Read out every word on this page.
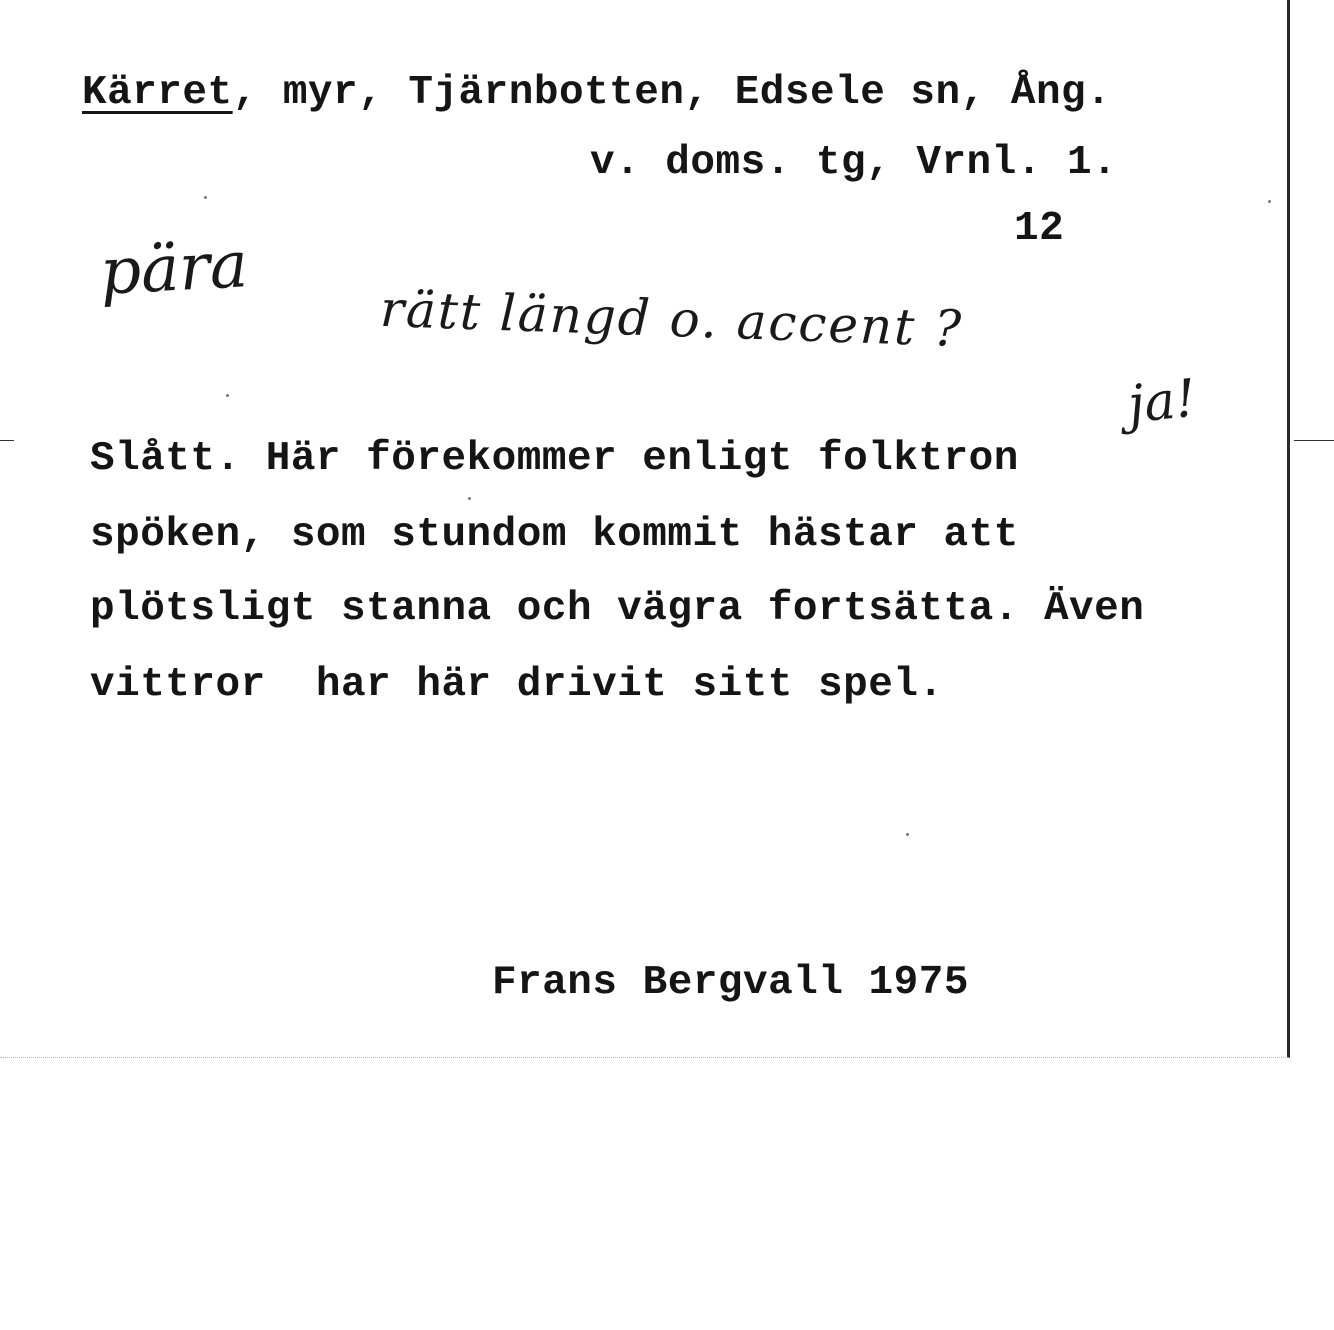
Kärret, myr, Tjärnbotten, Edsele sn, Ång.
v. doms. tg, Vrnl. 1.
12
pära
rätt längd o. accent ?
ja!
Slått. Här förekommer enligt folktron
spöken, som stundom kommit hästar att
plötsligt stanna och vägra fortsätta. Även
vittror  har här drivit sitt spel.
Frans Bergvall 1975
